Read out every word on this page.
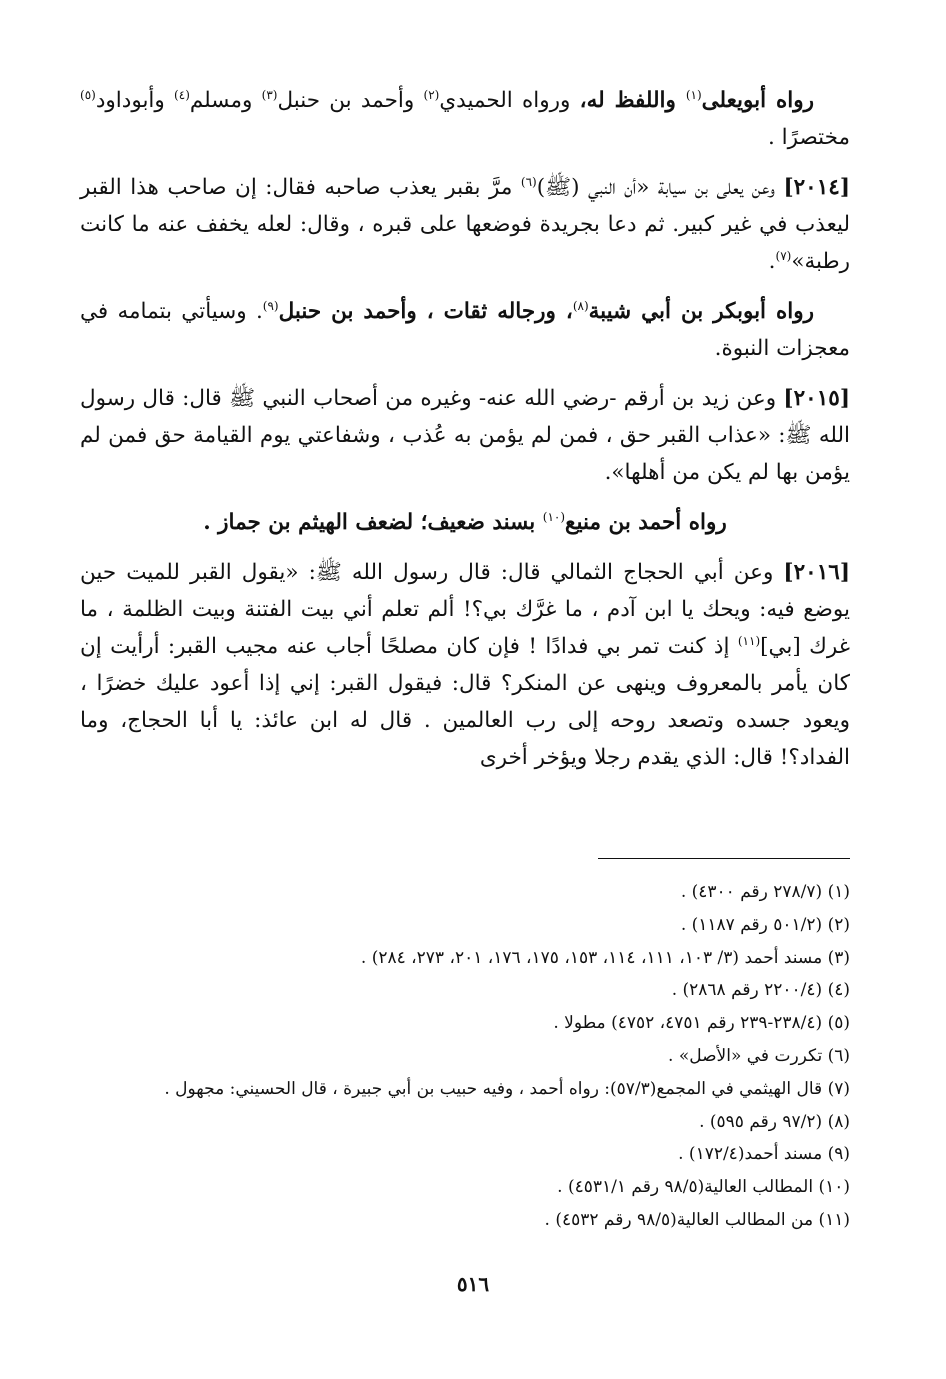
رواه أبويعلى$^{(١)}$ واللفظ له، ورواه الحميدي$^{(٢)}$ وأحمد بن حنبل$^{(٣)}$ ومسلم$^{(٤)}$ وأبوداود$^{(٥)}$ مختصرًا .

[٢٠١٤] وعن يعلى بن سيابة «أن النبي (ﷺ)$^{(٦)}$ مرَّ بقبر يعذب صاحبه فقال: إن صاحب هذا القبر ليعذب في غير كبير. ثم دعا بجريدة فوضعها على قبره ، وقال: لعله يخفف عنه ما كانت رطبة»$^{(٧)}$.

رواه أبوبكر بن أبي شيبة$^{(٨)}$، ورجاله ثقات ، وأحمد بن حنبل$^{(٩)}$. وسيأتي بتمامه في معجزات النبوة.

[٢٠١٥] وعن زيد بن أرقم -رضي الله عنه- وغيره من أصحاب النبي ﷺ قال: قال رسول الله ﷺ: «عذاب القبر حق ، فمن لم يؤمن به عُذب ، وشفاعتي يوم القيامة حق فمن لم يؤمن بها لم يكن من أهلها».

رواه أحمد بن منيع$^{(١٠)}$ بسند ضعيف؛ لضعف الهيثم بن جماز .

[٢٠١٦] وعن أبي الحجاج الثمالي قال: قال رسول الله ﷺ: «يقول القبر للميت حين يوضع فيه: ويحك يا ابن آدم ، ما غرَّك بي؟! ألم تعلم أني بيت الفتنة وبيت الظلمة ، ما غرك [بي]$^{(١١)}$ إذ كنت تمر بي فدادًا ! فإن كان مصلحًا أجاب عنه مجيب القبر: أرأيت إن كان يأمر بالمعروف وينهى عن المنكر؟ قال: فيقول القبر: إني إذا أعود عليك خضرًا ، ويعود جسده وتصعد روحه إلى رب العالمين . قال له ابن عائذ: يا أبا الحجاج، وما الفداد؟! قال: الذي يقدم رجلا ويؤخر أخرى

(١) (٢٧٨/٧ رقم ٤٣٠٠) .
(٢) (٥٠١/٢ رقم ١١٨٧) .
(٣) مسند أحمد (٣/ ١٠٣، ١١١، ١١٤، ١٥٣، ١٧٥، ١٧٦، ٢٠١، ٢٧٣، ٢٨٤) .
(٤) (٢٢٠٠/٤ رقم ٢٨٦٨) .
(٥) (٢٣٨/٤-٢٣٩ رقم ٤٧٥١، ٤٧٥٢) مطولا .
(٦) تكررت في «الأصل» .
(٧) قال الهيثمي في المجمع(٥٧/٣): رواه أحمد ، وفيه حبيب بن أبي جبيرة ، قال الحسيني: مجهول .
(٨) (٩٧/٢ رقم ٥٩٥) .
(٩) مسند أحمد(١٧٢/٤) .
(١٠) المطالب العالية(٩٨/٥ رقم ٤٥٣١/١) .
(١١) من المطالب العالية(٩٨/٥ رقم ٤٥٣٢) .
٥١٦
